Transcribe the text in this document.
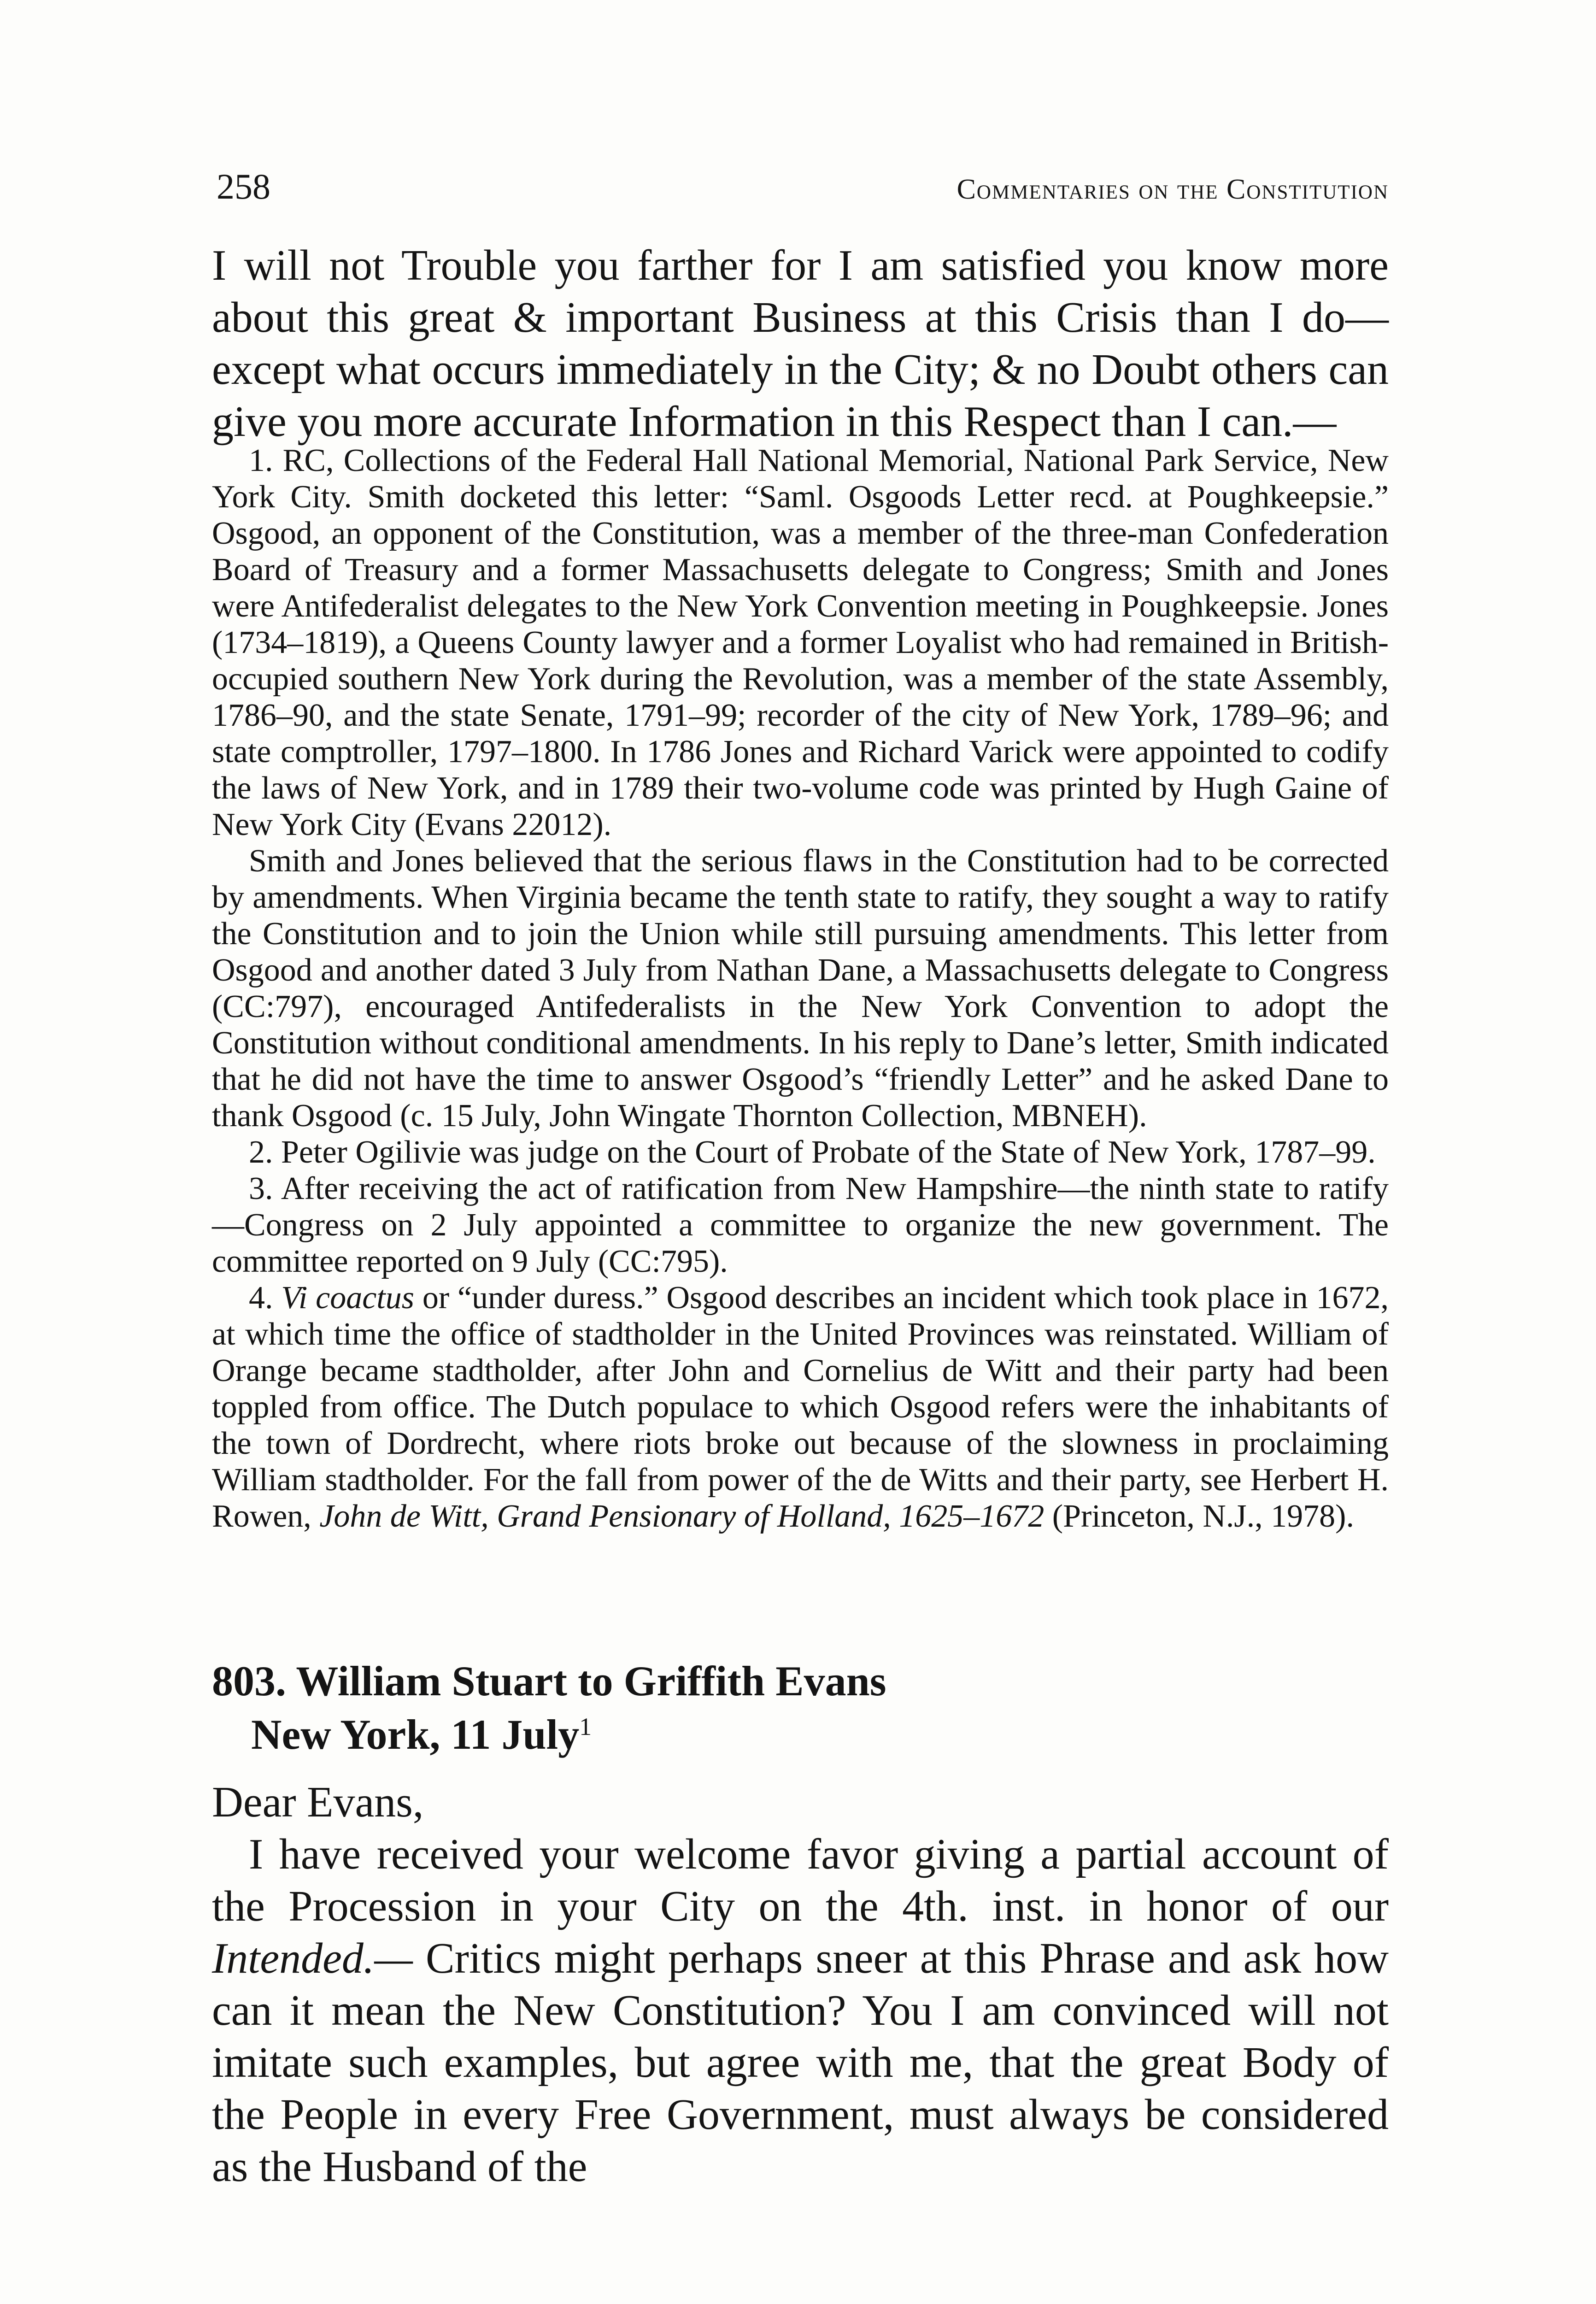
258	Commentaries on the Constitution

I will not Trouble you farther for I am satisfied you know more about this great & important Business at this Crisis than I do—except what occurs immediately in the City; & no Doubt others can give you more accurate Information in this Respect than I can.—

1. RC, Collections of the Federal Hall National Memorial, National Park Service, New York City. Smith docketed this letter: “Saml. Osgoods Letter recd. at Poughkeepsie.” Osgood, an opponent of the Constitution, was a member of the three-man Confederation Board of Treasury and a former Massachusetts delegate to Congress; Smith and Jones were Antifederalist delegates to the New York Convention meeting in Poughkeepsie. Jones (1734–1819), a Queens County lawyer and a former Loyalist who had remained in British-occupied southern New York during the Revolution, was a member of the state Assembly, 1786–90, and the state Senate, 1791–99; recorder of the city of New York, 1789–96; and state comptroller, 1797–1800. In 1786 Jones and Richard Varick were appointed to codify the laws of New York, and in 1789 their two-volume code was printed by Hugh Gaine of New York City (Evans 22012).

Smith and Jones believed that the serious flaws in the Constitution had to be corrected by amendments. When Virginia became the tenth state to ratify, they sought a way to ratify the Constitution and to join the Union while still pursuing amendments. This letter from Osgood and another dated 3 July from Nathan Dane, a Massachusetts delegate to Congress (CC:797), encouraged Antifederalists in the New York Convention to adopt the Constitution without conditional amendments. In his reply to Dane’s letter, Smith indicated that he did not have the time to answer Osgood’s “friendly Letter” and he asked Dane to thank Osgood (c. 15 July, John Wingate Thornton Collection, MBNEH).

2. Peter Ogilivie was judge on the Court of Probate of the State of New York, 1787–99.

3. After receiving the act of ratification from New Hampshire—the ninth state to ratify—Congress on 2 July appointed a committee to organize the new government. The committee reported on 9 July (CC:795).

4. Vi coactus or “under duress.” Osgood describes an incident which took place in 1672, at which time the office of stadtholder in the United Provinces was reinstated. William of Orange became stadtholder, after John and Cornelius de Witt and their party had been toppled from office. The Dutch populace to which Osgood refers were the inhabitants of the town of Dordrecht, where riots broke out because of the slowness in proclaiming William stadtholder. For the fall from power of the de Witts and their party, see Herbert H. Rowen, John de Witt, Grand Pensionary of Holland, 1625–1672 (Princeton, N.J., 1978).

803. William Stuart to Griffith Evans
New York, 11 July$^1$

Dear Evans,

I have received your welcome favor giving a partial account of the Procession in your City on the 4th. inst. in honor of our Intended.— Critics might perhaps sneer at this Phrase and ask how can it mean the New Constitution? You I am convinced will not imitate such examples, but agree with me, that the great Body of the People in every Free Government, must always be considered as the Husband of the
